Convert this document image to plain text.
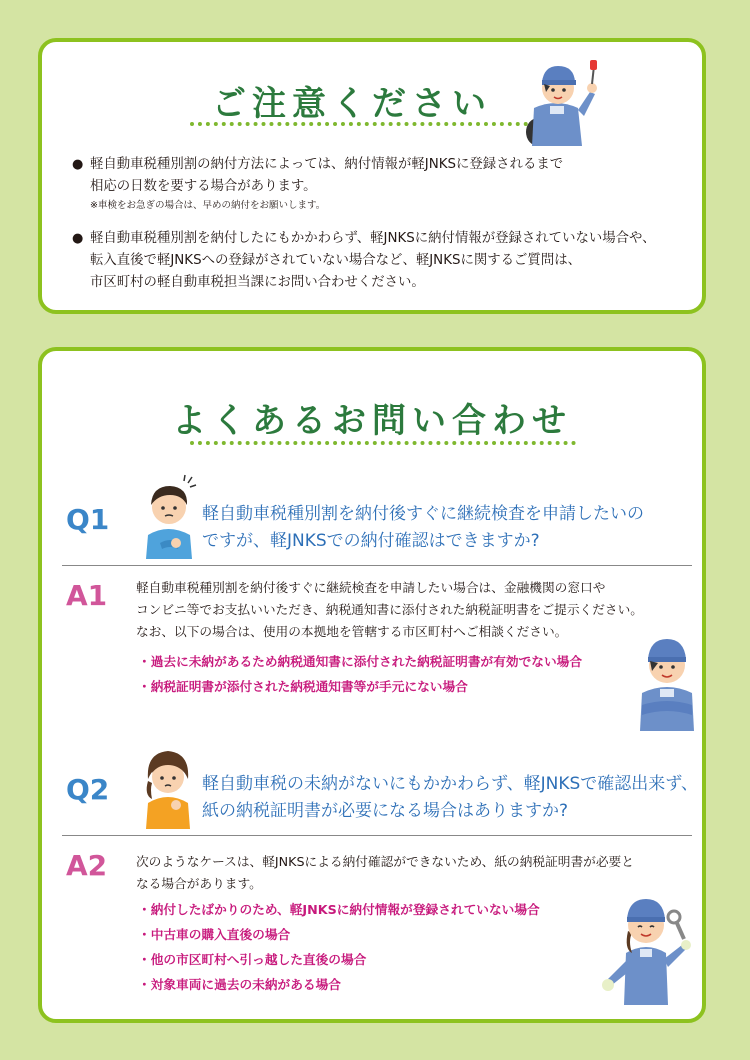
ご注意ください
● 軽自動車税種別割の納付方法によっては、納付情報が軽JNKSに登録されるまで
相応の日数を要する場合があります。
※車検をお急ぎの場合は、早めの納付をお願いします。
● 軽自動車税種別割を納付したにもかかわらず、軽JNKSに納付情報が登録されていない場合や、
転入直後で軽JNKSへの登録がされていない場合など、軽JNKSに関するご質問は、
市区町村の軽自動車税担当課にお問い合わせください。
よくあるお問い合わせ
Q1	軽自動車税種別割を納付後すぐに継続検査を申請したいの
ですが、軽JNKSでの納付確認はできますか?
A1 軽自動車税種別割を納付後すぐに継続検査を申請したい場合は、金融機関の窓口や
コンビニ等でお支払いいただき、納税通知書に添付された納税証明書をご提示ください。
なお、以下の場合は、使用の本拠地を管轄する市区町村へご相談ください。
・ 過去に未納があるため納税通知書に添付された納税証明書が有効でない場合
・ 納税証明書が添付された納税通知書等が手元にない場合
Q2	軽自動車税の未納がないにもかかわらず、軽JNKSで確認出来ず、
紙の納税証明書が必要になる場合はありますか?
A2 次のようなケースは、軽JNKSによる納付確認ができないため、紙の納税証明書が必要と
なる場合があります。
・ 納付したばかりのため、軽JNKSに納付情報が登録されていない場合
・ 中古車の購入直後の場合
・ 他の市区町村へ引っ越した直後の場合
・ 対象車両に過去の未納がある場合
